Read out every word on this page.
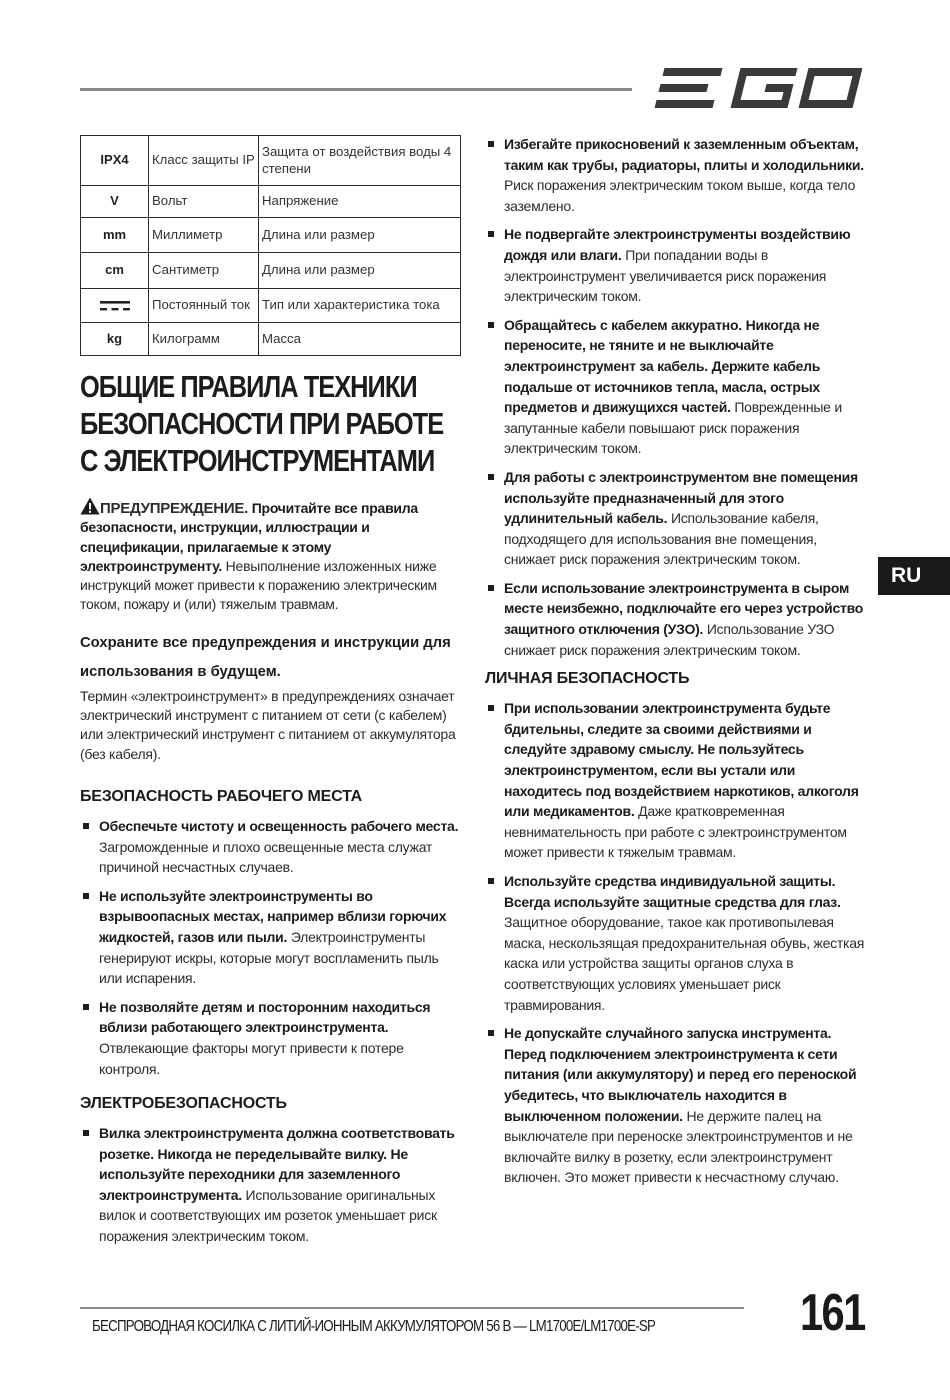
IPX4	Класс защиты IP	Защита от воздействия воды 4 степени
V	Вольт	Напряжение
mm	Миллиметр	Длина или размер
cm	Сантиметр	Длина или размер
	Постоянный ток	Тип или характеристика тока
kg	Килограмм	Масса
ОБЩИЕ ПРАВИЛА ТЕХНИКИ БЕЗОПАСНОСТИ ПРИ РАБОТЕ С ЭЛЕКТРОИНСТРУМЕНТАМИ

ПРЕДУПРЕЖДЕНИЕ. Прочитайте все правила безопасности, инструкции, иллюстрации и спецификации, прилагаемые к этому электроинструменту. Невыполнение изложенных ниже инструкций может привести к поражению электрическим током, пожару и (или) тяжелым травмам.

Сохраните все предупреждения и инструкции для использования в будущем.

Термин «электроинструмент» в предупреждениях означает электрический инструмент с питанием от сети (с кабелем) или электрический инструмент с питанием от аккумулятора (без кабеля).

БЕЗОПАСНОСТЬ РАБОЧЕГО МЕСТА
Обеспечьте чистоту и освещенность рабочего места. Загроможденные и плохо освещенные места служат причиной несчастных случаев.
Не используйте электроинструменты во взрывоопасных местах, например вблизи горючих жидкостей, газов или пыли. Электроинструменты генерируют искры, которые могут воспламенить пыль или испарения.
Не позволяйте детям и посторонним находиться вблизи работающего электроинструмента. Отвлекающие факторы могут привести к потере контроля.
ЭЛЕКТРОБЕЗОПАСНОСТЬ
Вилка электроинструмента должна соответствовать розетке. Никогда не переделывайте вилку. Не используйте переходники для заземленного электроинструмента. Использование оригинальных вилок и соответствующих им розеток уменьшает риск поражения электрическим током.
Избегайте прикосновений к заземленным объектам, таким как трубы, радиаторы, плиты и холодильники. Риск поражения электрическим током выше, когда тело заземлено.
Не подвергайте электроинструменты воздействию дождя или влаги. При попадании воды в электроинструмент увеличивается риск поражения электрическим током.
Обращайтесь с кабелем аккуратно. Никогда не переносите, не тяните и не выключайте электроинструмент за кабель. Держите кабель подальше от источников тепла, масла, острых предметов и движущихся частей. Поврежденные и запутанные кабели повышают риск поражения электрическим током.
Для работы с электроинструментом вне помещения используйте предназначенный для этого удлинительный кабель. Использование кабеля, подходящего для использования вне помещения, снижает риск поражения электрическим током.
Если использование электроинструмента в сыром месте неизбежно, подключайте его через устройство защитного отключения (УЗО). Использование УЗО снижает риск поражения электрическим током.
ЛИЧНАЯ БЕЗОПАСНОСТЬ
При использовании электроинструмента будьте бдительны, следите за своими действиями и следуйте здравому смыслу. Не пользуйтесь электроинструментом, если вы устали или находитесь под воздействием наркотиков, алкоголя или медикаментов. Даже кратковременная невнимательность при работе с электроинструментом может привести к тяжелым травмам.
Используйте средства индивидуальной защиты. Всегда используйте защитные средства для глаз. Защитное оборудование, такое как противопылевая маска, нескользящая предохранительная обувь, жесткая каска или устройства защиты органов слуха в соответствующих условиях уменьшает риск травмирования.
Не допускайте случайного запуска инструмента. Перед подключением электроинструмента к сети питания (или аккумулятору) и перед его переноской убедитесь, что выключатель находится в выключенном положении. Не держите палец на выключателе при переноске электроинструментов и не включайте вилку в розетку, если электроинструмент включен. Это может привести к несчастному случаю.
RU
БЕСПРОВОДНАЯ КОСИЛКА С ЛИТИЙ-ИОННЫМ АККУМУЛЯТОРОМ 56 В — LM1700E/LM1700E-SP	161
